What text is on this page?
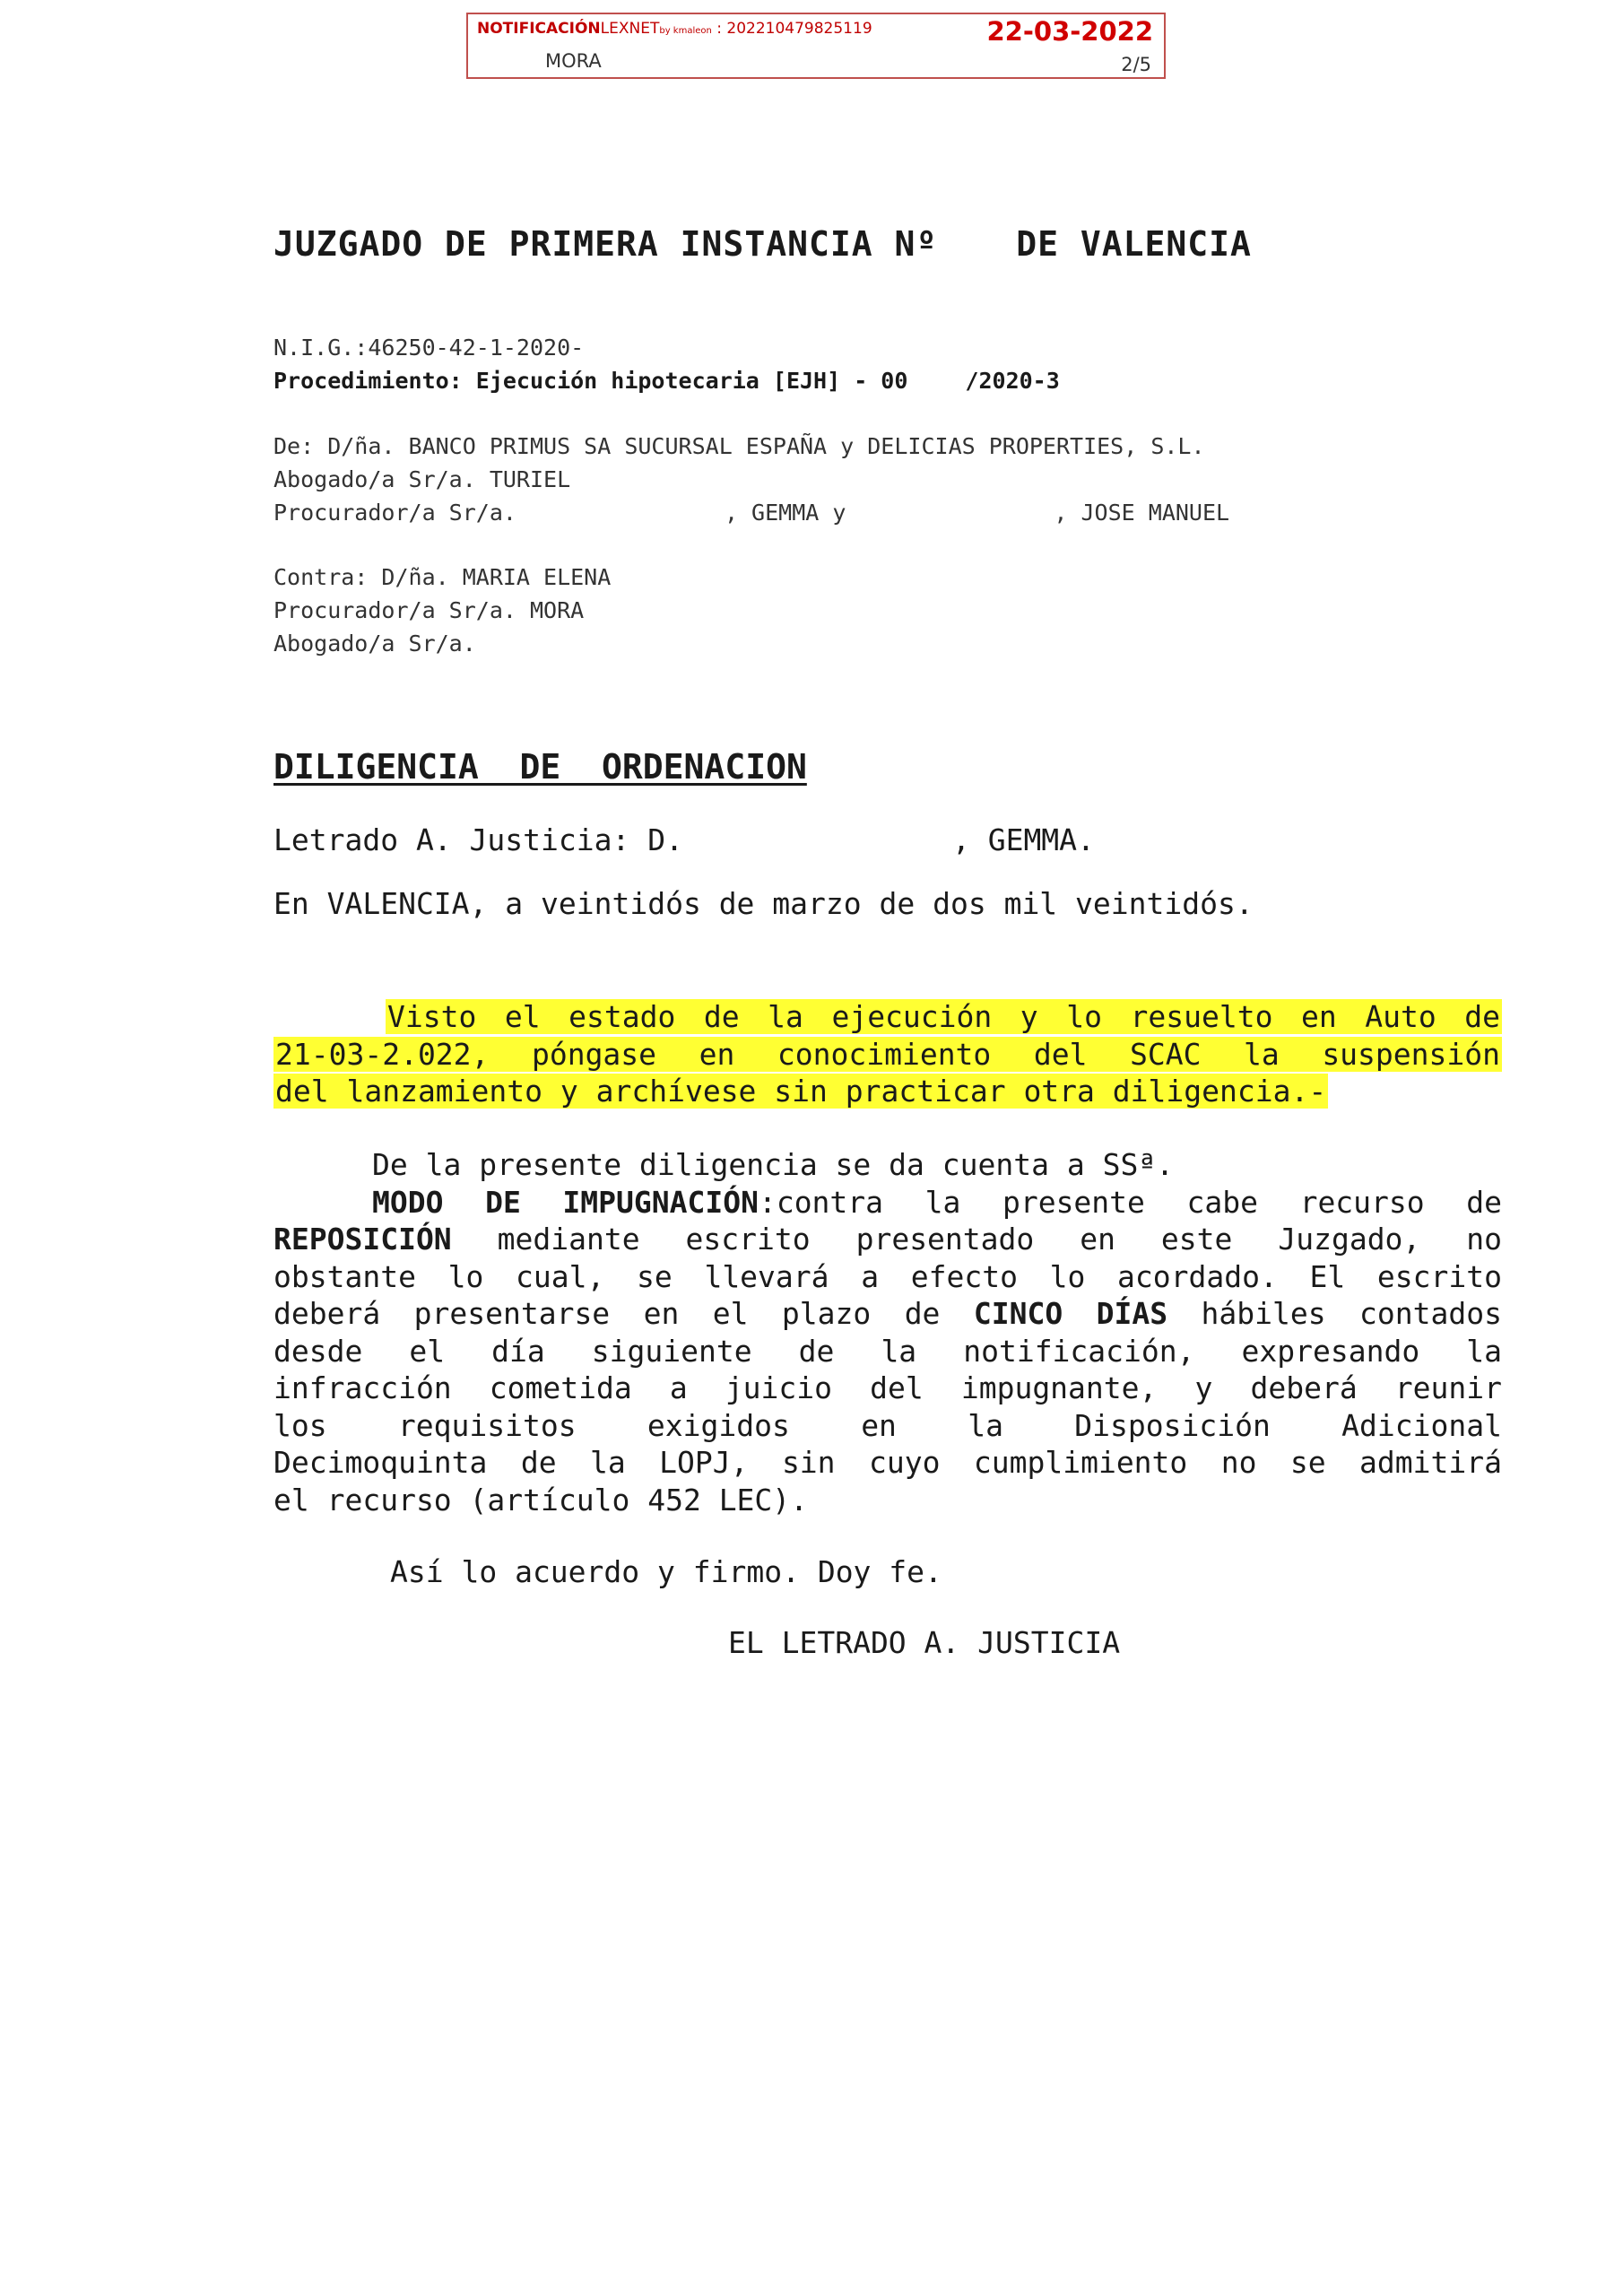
NOTIFICACIÓNLEXNETby kmaleon : 202210479825119	22-03-2022
MORA	2/5
JUZGADO DE PRIMERA INSTANCIA Nº DE VALENCIA
N.I.G.:46250-42-1-2020-
Procedimiento: Ejecución hipotecaria [EJH] - 00	/2020-3
De: D/ña. BANCO PRIMUS SA SUCURSAL ESPAÑA y DELICIAS PROPERTIES, S.L.
Abogado/a Sr/a. TURIEL
Procurador/a Sr/a.	, GEMMA y	, JOSE MANUEL
Contra: D/ña. MARIA ELENA
Procurador/a Sr/a. MORA
Abogado/a Sr/a.
DILIGENCIA  DE  ORDENACION
Letrado A. Justicia: D.	, GEMMA.
En VALENCIA, a veintidós de marzo de dos mil veintidós.
Visto el estado de la ejecución y lo resuelto en Auto de
21-03-2.022, póngase en conocimiento del SCAC la suspensión
del lanzamiento y archívese sin practicar otra diligencia.-
De la presente diligencia se da cuenta a SSª.
MODO DE IMPUGNACIÓN:contra la presente cabe recurso de
REPOSICIÓN mediante escrito presentado en este Juzgado, no
obstante lo cual, se llevará a efecto lo acordado. El escrito
deberá presentarse en el plazo de CINCO DÍAS hábiles contados
desde el día siguiente de la notificación, expresando la
infracción cometida a juicio del impugnante, y deberá reunir
los requisitos exigidos en la Disposición Adicional
Decimoquinta de la LOPJ, sin cuyo cumplimiento no se admitirá
el recurso (artículo 452 LEC).
Así lo acuerdo y firmo. Doy fe.
EL LETRADO A. JUSTICIA
